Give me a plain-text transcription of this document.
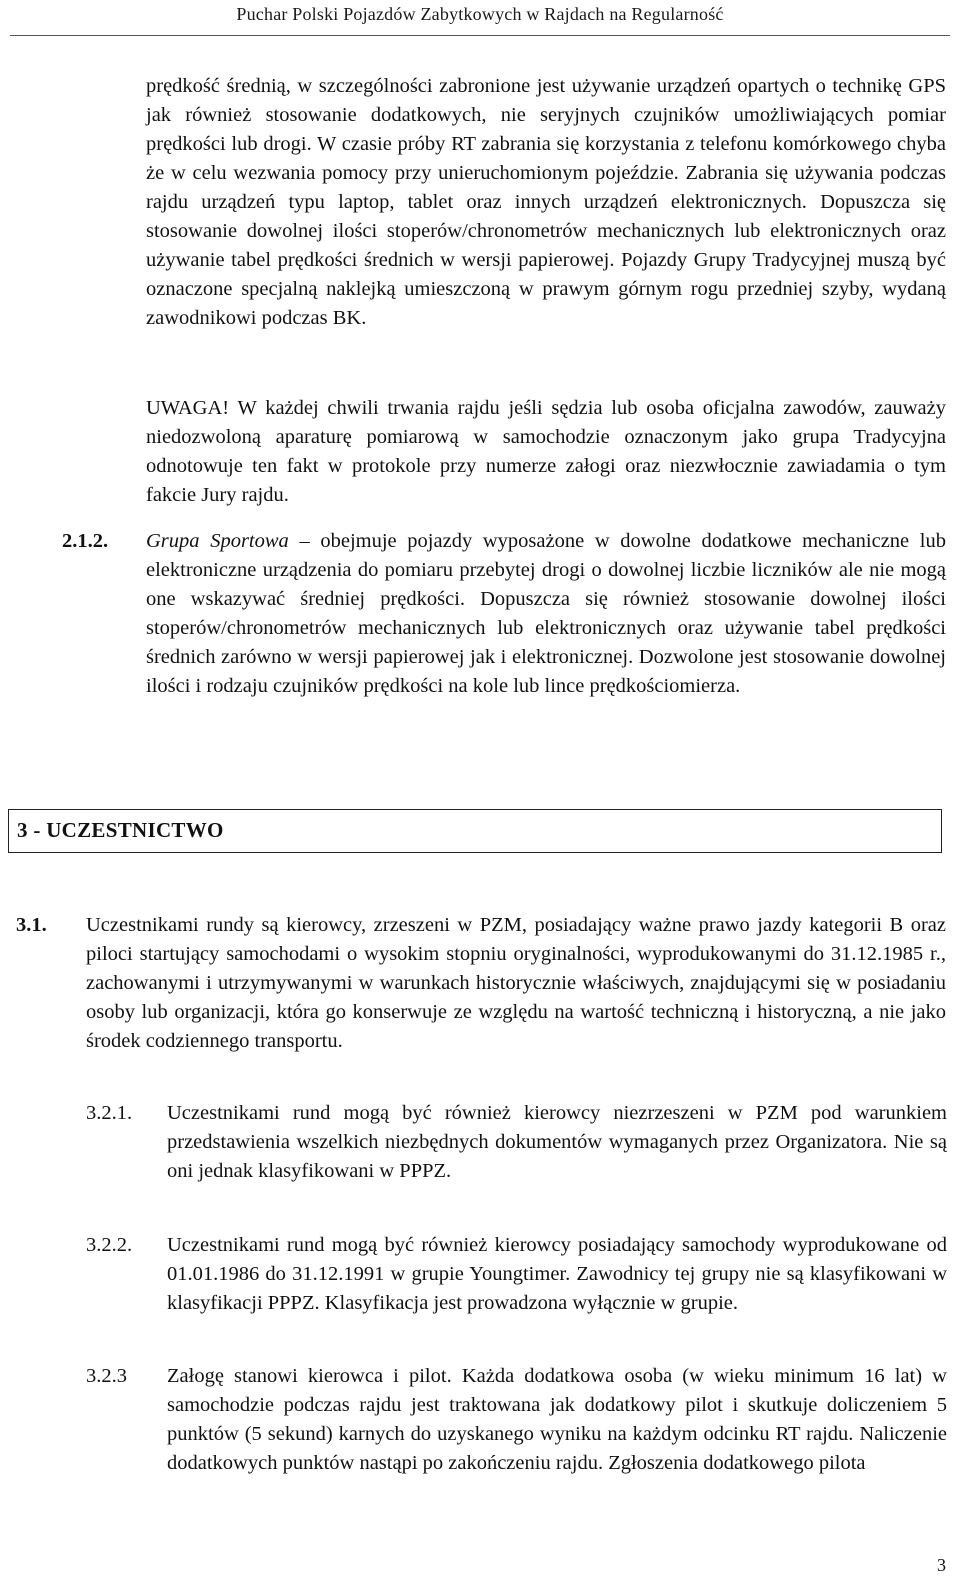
Puchar Polski Pojazdów Zabytkowych w Rajdach na Regularność
prędkość średnią, w szczególności zabronione jest używanie urządzeń opartych o technikę GPS jak również stosowanie dodatkowych, nie seryjnych czujników umożliwiających pomiar prędkości lub drogi. W czasie próby RT zabrania się korzystania z telefonu komórkowego chyba że w celu wezwania pomocy przy unieruchomionym pojeździe. Zabrania się używania podczas rajdu urządzeń typu laptop, tablet oraz innych urządzeń elektronicznych. Dopuszcza się stosowanie dowolnej ilości stoperów/chronometrów mechanicznych lub elektronicznych oraz używanie tabel prędkości średnich w wersji papierowej. Pojazdy Grupy Tradycyjnej muszą być oznaczone specjalną naklejką umieszczoną w prawym górnym rogu przedniej szyby, wydaną zawodnikowi podczas BK.
UWAGA! W każdej chwili trwania rajdu jeśli sędzia lub osoba oficjalna zawodów, zauważy niedozwoloną aparaturę pomiarową w samochodzie oznaczonym jako grupa Tradycyjna odnotowuje ten fakt w protokole przy numerze załogi oraz niezwłocznie zawiadamia o tym fakcie Jury rajdu.
2.1.2. Grupa Sportowa – obejmuje pojazdy wyposażone w dowolne dodatkowe mechaniczne lub elektroniczne urządzenia do pomiaru przebytej drogi o dowolnej liczbie liczników ale nie mogą one wskazywać średniej prędkości. Dopuszcza się również stosowanie dowolnej ilości stoperów/chronometrów mechanicznych lub elektronicznych oraz używanie tabel prędkości średnich zarówno w wersji papierowej jak i elektronicznej. Dozwolone jest stosowanie dowolnej ilości i rodzaju czujników prędkości na kole lub lince prędkościomierza.
3 - UCZESTNICTWO
3.1. Uczestnikami rundy są kierowcy, zrzeszeni w PZM, posiadający ważne prawo jazdy kategorii B oraz piloci startujący samochodami o wysokim stopniu oryginalności, wyprodukowanymi do 31.12.1985 r., zachowanymi i utrzymywanymi w warunkach historycznie właściwych, znajdującymi się w posiadaniu osoby lub organizacji, która go konserwuje ze względu na wartość techniczną i historyczną, a nie jako środek codziennego transportu.
3.2.1. Uczestnikami rund mogą być również kierowcy niezrzeszeni w PZM pod warunkiem przedstawienia wszelkich niezbędnych dokumentów wymaganych przez Organizatora. Nie są oni jednak klasyfikowani w PPPZ.
3.2.2. Uczestnikami rund mogą być również kierowcy posiadający samochody wyprodukowane od 01.01.1986 do 31.12.1991 w grupie Youngtimer. Zawodnicy tej grupy nie są klasyfikowani w klasyfikacji PPPZ. Klasyfikacja jest prowadzona wyłącznie w grupie.
3.2.3 Załogę stanowi kierowca i pilot. Każda dodatkowa osoba (w wieku minimum 16 lat) w samochodzie podczas rajdu jest traktowana jak dodatkowy pilot i skutkuje doliczeniem 5 punktów (5 sekund) karnych do uzyskanego wyniku na każdym odcinku RT rajdu. Naliczenie dodatkowych punktów nastąpi po zakończeniu rajdu. Zgłoszenia dodatkowego pilota
3
